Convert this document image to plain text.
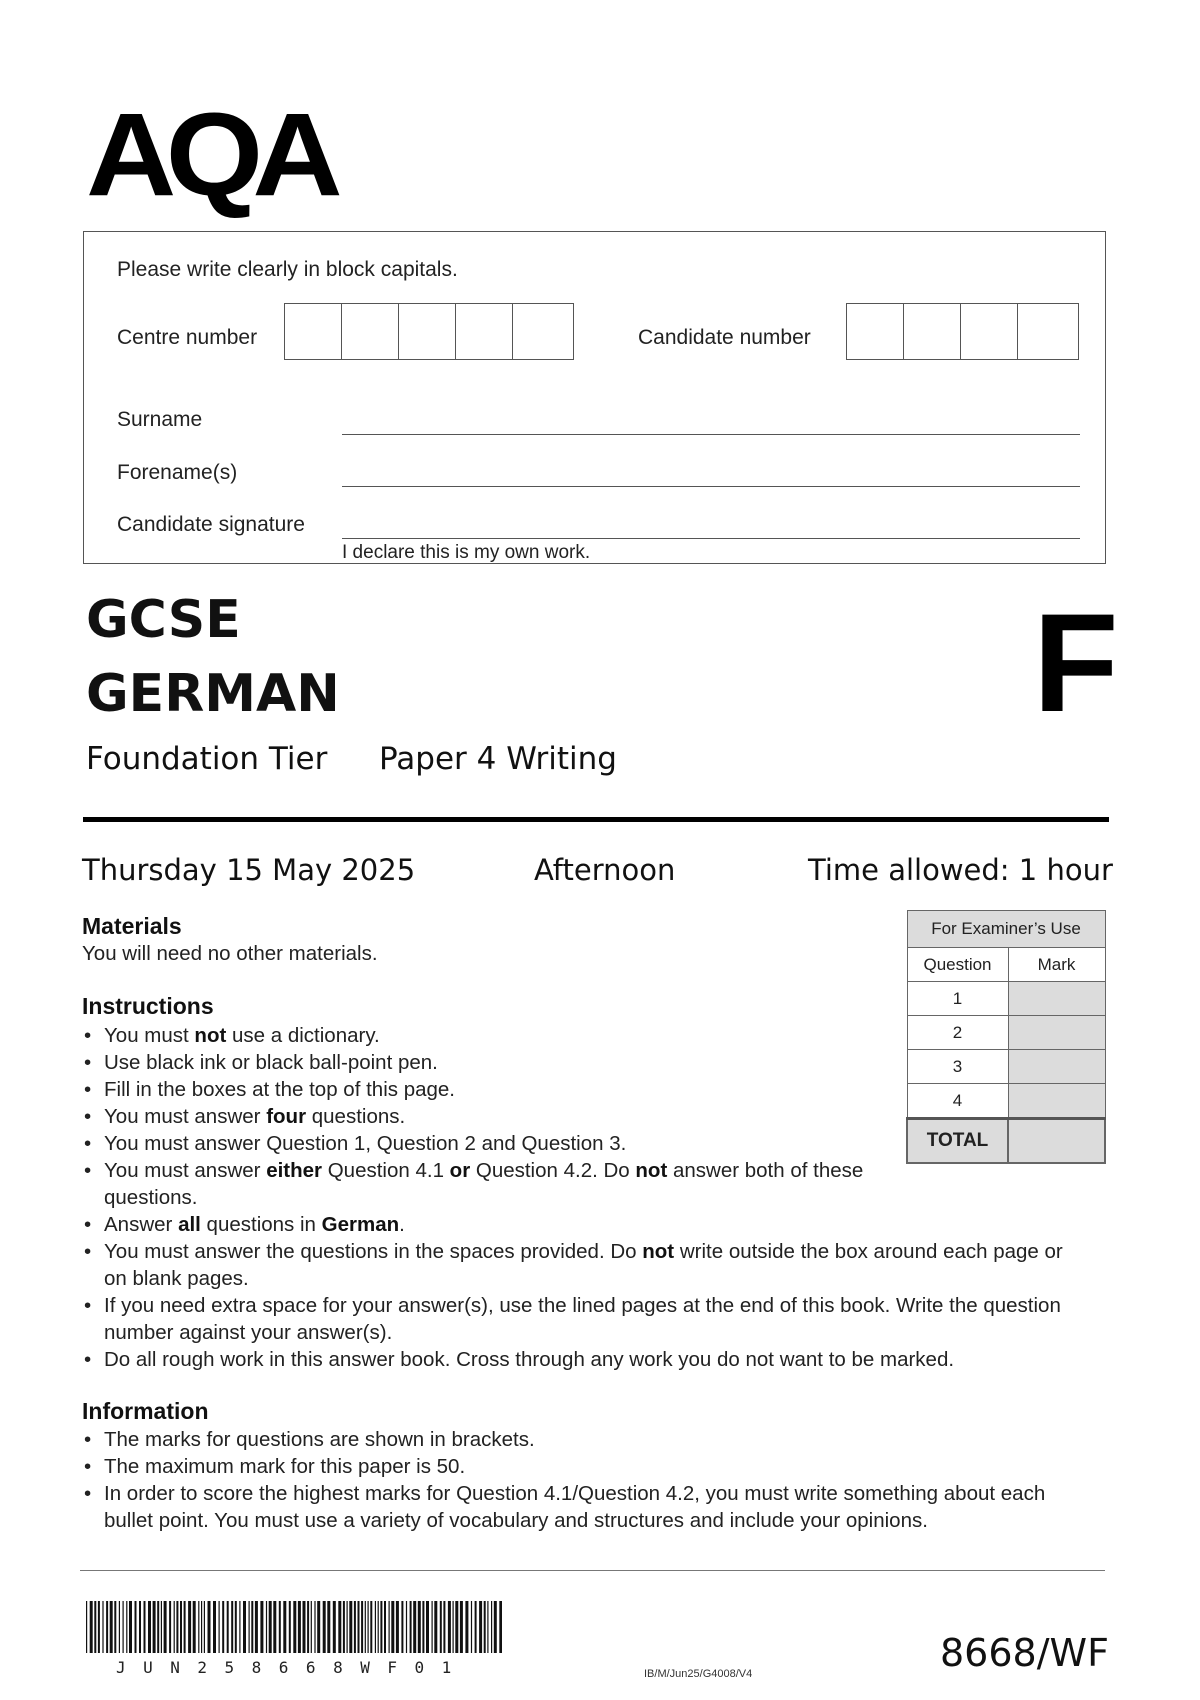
AQA
Please write clearly in block capitals.
Centre number	Candidate number
Surname
Forename(s)
Candidate signature
I declare this is my own work.
GCSE
GERMAN
Foundation Tier Paper 4 Writing
F
Thursday 15 May 2025	Afternoon	Time allowed: 1 hour
Materials
You will need no other materials.
Instructions
• You must not use a dictionary.
• Use black ink or black ball-point pen.
• Fill in the boxes at the top of this page.
• You must answer four questions.
• You must answer Question 1, Question 2 and Question 3.
• You must answer either Question 4.1 or Question 4.2. Do not answer both of these questions.
• Answer all questions in German.
• You must answer the questions in the spaces provided. Do not write outside the box around each page or on blank pages.
• If you need extra space for your answer(s), use the lined pages at the end of this book. Write the question number against your answer(s).
• Do all rough work in this answer book. Cross through any work you do not want to be marked.
Information
• The marks for questions are shown in brackets.
• The maximum mark for this paper is 50.
• In order to score the highest marks for Question 4.1/Question 4.2, you must write something about each bullet point. You must use a variety of vocabulary and structures and include your opinions.
For Examiner’s Use	
Question	Mark
1	
2	
3	
4	
TOTAL	
JUN258668WF01	IB/M/Jun25/G4008/V4	8668/WF
